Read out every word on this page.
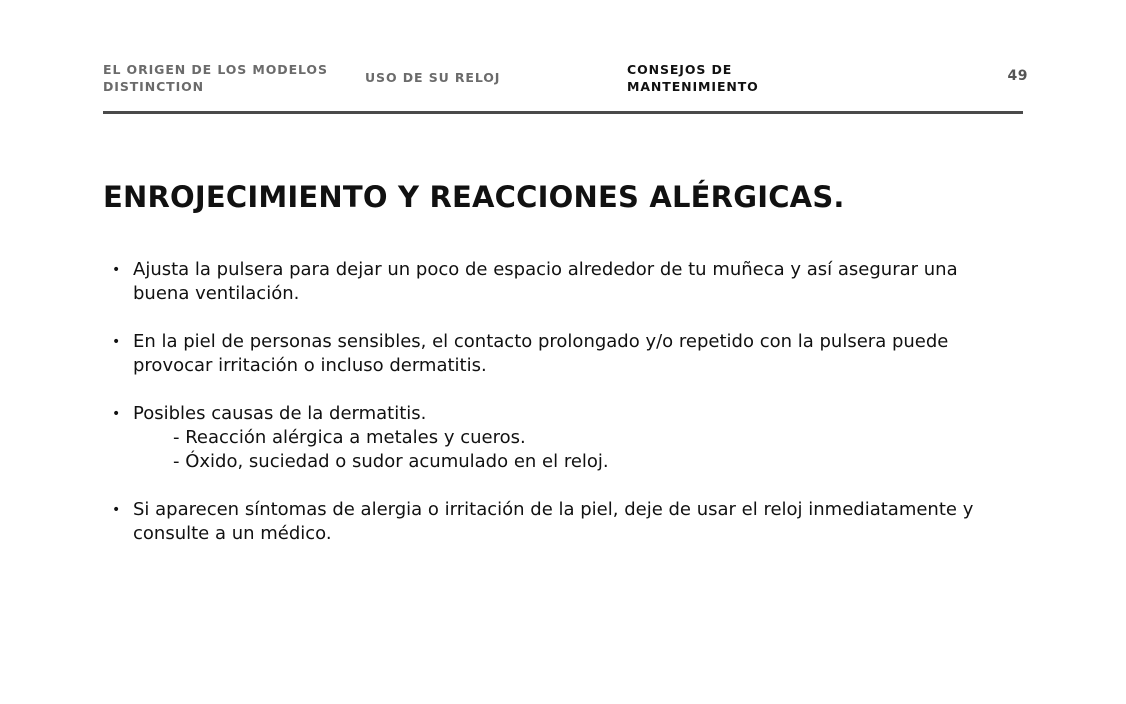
EL ORIGEN DE LOS MODELOS DISTINCTION
USO DE SU RELOJ
CONSEJOS DE MANTENIMIENTO
49
ENROJECIMIENTO Y REACCIONES ALÉRGICAS.
• Ajusta la pulsera para dejar un poco de espacio alrededor de tu muñeca y así asegurar una buena ventilación.
• En la piel de personas sensibles, el contacto prolongado y/o repetido con la pulsera puede provocar irritación o incluso dermatitis.
• Posibles causas de la dermatitis.
- Reacción alérgica a metales y cueros.
- Óxido, suciedad o sudor acumulado en el reloj.
• Si aparecen síntomas de alergia o irritación de la piel, deje de usar el reloj inmediatamente y consulte a un médico.
